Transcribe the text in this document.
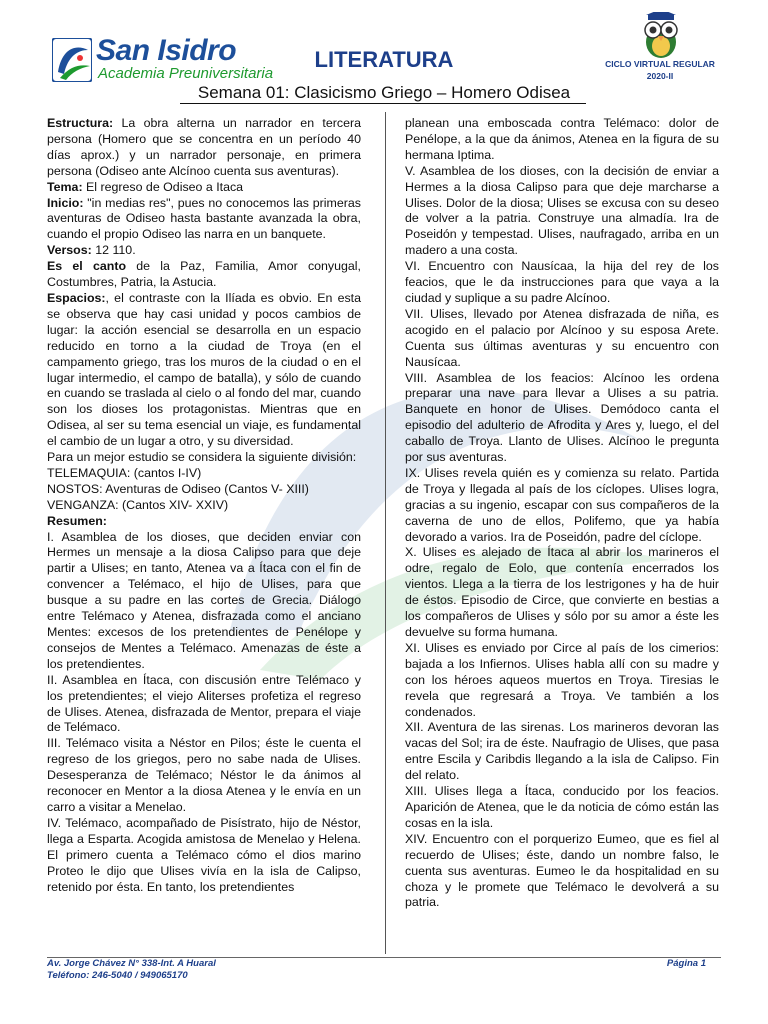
San Isidro
Academia Preuniversitaria
LITERATURA
Semana 01: Clasicismo Griego – Homero Odisea
CICLO VIRTUAL REGULAR
2020-II

Estructura: La obra alterna un narrador en tercera persona (Homero que se concentra en un período 40 días aprox.) y un narrador personaje, en primera persona (Odiseo ante Alcínoo cuenta sus aventuras).

Tema: El regreso de Odiseo a Itaca

Inicio: "in medias res", pues no conocemos las primeras aventuras de Odiseo hasta bastante avanzada la obra, cuando el propio Odiseo las narra en un banquete.

Versos: 12 110.

Es el canto de la Paz, Familia, Amor conyugal, Costumbres, Patria, la Astucia.

Espacios:, el contraste con la Ilíada es obvio. En esta se observa que hay casi unidad y pocos cambios de lugar: la acción esencial se desarrolla en un espacio reducido en torno a la ciudad de Troya (en el campamento griego, tras los muros de la ciudad o en el lugar intermedio, el campo de batalla), y sólo de cuando en cuando se traslada al cielo o al fondo del mar, cuando son los dioses los protagonistas. Mientras que en Odisea, al ser su tema esencial un viaje, es fundamental el cambio de un lugar a otro, y su diversidad.

Para un mejor estudio se considera la siguiente división:

TELEMAQUIA: (cantos I-IV)

NOSTOS: Aventuras de Odiseo (Cantos V- XIII)

VENGANZA: (Cantos XIV- XXIV)

Resumen:

I. Asamblea de los dioses, que deciden enviar con Hermes un mensaje a la diosa Calipso para que deje partir a Ulises; en tanto, Atenea va a Ítaca con el fin de convencer a Telémaco, el hijo de Ulises, para que busque a su padre en las cortes de Grecia. Diálogo entre Telémaco y Atenea, disfrazada como el anciano Mentes: excesos de los pretendientes de Penélope y consejos de Mentes a Telémaco. Amenazas de éste a los pretendientes.

II. Asamblea en Ítaca, con discusión entre Telémaco y los pretendientes; el viejo Aliterses profetiza el regreso de Ulises. Atenea, disfrazada de Mentor, prepara el viaje de Telémaco.

III. Telémaco visita a Néstor en Pilos; éste le cuenta el regreso de los griegos, pero no sabe nada de Ulises. Desesperanza de Telémaco; Néstor le da ánimos al reconocer en Mentor a la diosa Atenea y le envía en un carro a visitar a Menelao.

IV. Telémaco, acompañado de Pisístrato, hijo de Néstor, llega a Esparta. Acogida amistosa de Menelao y Helena. El primero cuenta a Telémaco cómo el dios marino Proteo le dijo que Ulises vivía en la isla de Calipso, retenido por ésta. En tanto, los pretendientes

planean una emboscada contra Telémaco: dolor de Penélope, a la que da ánimos, Atenea en la figura de su hermana Iptima.

V. Asamblea de los dioses, con la decisión de enviar a Hermes a la diosa Calipso para que deje marcharse a Ulises. Dolor de la diosa; Ulises se excusa con su deseo de volver a la patria. Construye una almadía. Ira de Poseidón y tempestad. Ulises, naufragado, arriba en un madero a una costa.

VI. Encuentro con Nausícaa, la hija del rey de los feacios, que le da instrucciones para que vaya a la ciudad y suplique a su padre Alcínoo.

VII. Ulises, llevado por Atenea disfrazada de niña, es acogido en el palacio por Alcínoo y su esposa Arete. Cuenta sus últimas aventuras y su encuentro con Nausícaa.

VIII. Asamblea de los feacios: Alcínoo les ordena preparar una nave para llevar a Ulises a su patria. Banquete en honor de Ulises. Demódoco canta el episodio del adulterio de Afrodita y Ares y, luego, el del caballo de Troya. Llanto de Ulises. Alcínoo le pregunta por sus aventuras.

IX. Ulises revela quién es y comienza su relato. Partida de Troya y llegada al país de los cíclopes. Ulises logra, gracias a su ingenio, escapar con sus compañeros de la caverna de uno de ellos, Polifemo, que ya había devorado a varios. Ira de Poseidón, padre del cíclope.

X. Ulises es alejado de Ítaca al abrir los marineros el odre, regalo de Eolo, que contenía encerrados los vientos. Llega a la tierra de los lestrigones y ha de huir de éstos. Episodio de Circe, que convierte en bestias a los compañeros de Ulises y sólo por su amor a éste les devuelve su forma humana.

XI. Ulises es enviado por Circe al país de los cimerios: bajada a los Infiernos. Ulises habla allí con su madre y con los héroes aqueos muertos en Troya. Tiresias le revela que regresará a Troya. Ve también a los condenados.

XII. Aventura de las sirenas. Los marineros devoran las vacas del Sol; ira de éste. Naufragio de Ulises, que pasa entre Escila y Caribdis llegando a la isla de Calipso. Fin del relato.

XIII. Ulises llega a Ítaca, conducido por los feacios. Aparición de Atenea, que le da noticia de cómo están las cosas en la isla.

XIV. Encuentro con el porquerizo Eumeo, que es fiel al recuerdo de Ulises; éste, dando un nombre falso, le cuenta sus aventuras. Eumeo le da hospitalidad en su choza y le promete que Telémaco le devolverá a su patria.

Av. Jorge Chávez N° 338-Int. A Huaral
Teléfono: 246-5040 / 949065170
Página 1
